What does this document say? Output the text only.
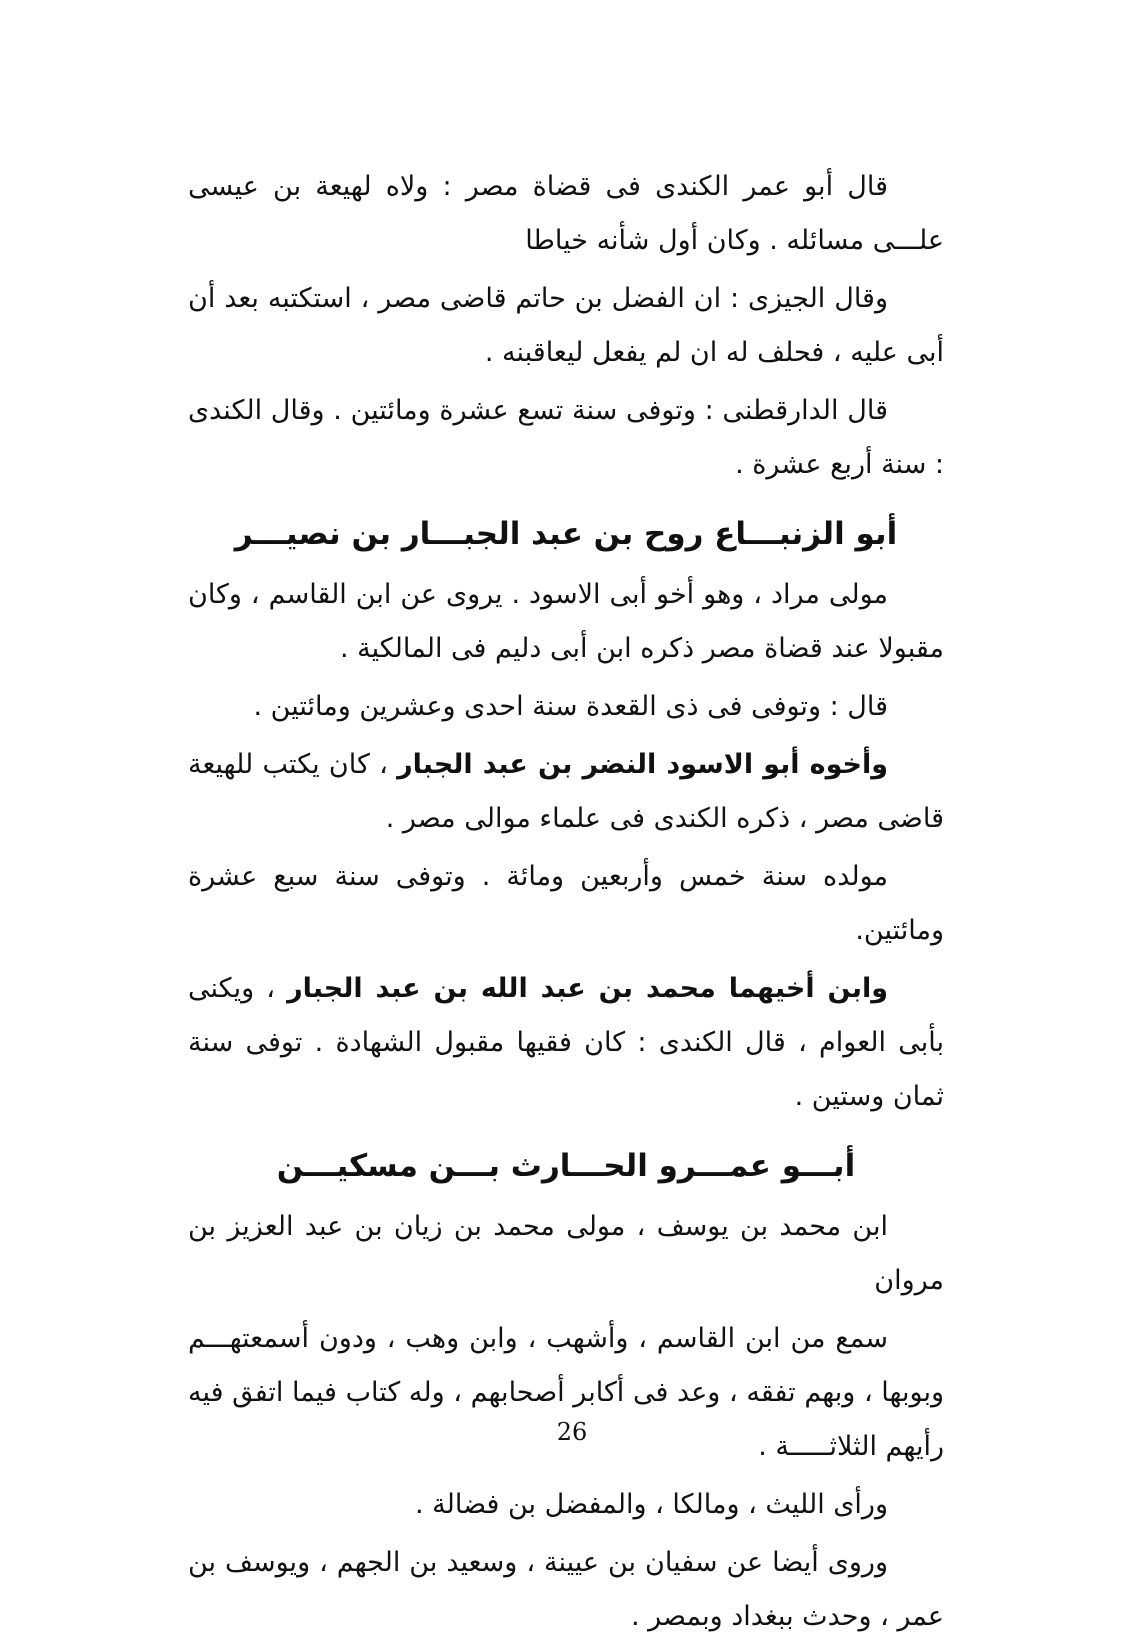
قال أبو عمر الكندى فى قضاة مصر : ولاه لهيعة بن عيسى علـــى مسائله . وكان أول شأنه خياطا

وقال الجيزى : ان الفضل بن حاتم قاضى مصر ، استكتبه بعد أن أبى عليه ، فحلف له ان لم يفعل ليعاقبنه .

قال الدارقطنى : وتوفى سنة تسع عشرة ومائتين . وقال الكندى : سنة أربع عشرة .

أبو الزنبـــاع روح بن عبد الجبـــار بن نصيـــر

مولى مراد ، وهو أخو أبى الاسود . يروى عن ابن القاسم ، وكان مقبولا عند قضاة مصر ذكره ابن أبى دليم فى المالكية .

قال : وتوفى فى ذى القعدة سنة احدى وعشرين ومائتين .

وأخوه أبو الاسود النضر بن عبد الجبار ، كان يكتب للهيعة قاضى مصر ، ذكره الكندى فى علماء موالى مصر .

مولده سنة خمس وأربعين ومائة . وتوفى سنة سبع عشرة ومائتين.

وابن أخيهما محمد بن عبد الله بن عبد الجبار ، ويكنى بأبى العوام ، قال الكندى : كان فقيها مقبول الشهادة . توفى سنة ثمان وستين .

أبـــو عمـــرو الحـــارث بـــن مسكيـــن

ابن محمد بن يوسف ، مولى محمد بن زيان بن عبد العزيز بن مروان

سمع من ابن القاسم ، وأشهب ، وابن وهب ، ودون أسمعتهـــم وبوبها ، وبهم تفقه ، وعد فى أكابر أصحابهم ، وله كتاب فيما اتفق فيه رأيهم الثلاثـــــة .

ورأى الليث ، ومالكا ، والمفضل بن فضالة .

وروى أيضا عن سفيان بن عيينة ، وسعيد بن الجهم ، ويوسف بن عمر ، وحدث ببغداد وبمصر .

26
